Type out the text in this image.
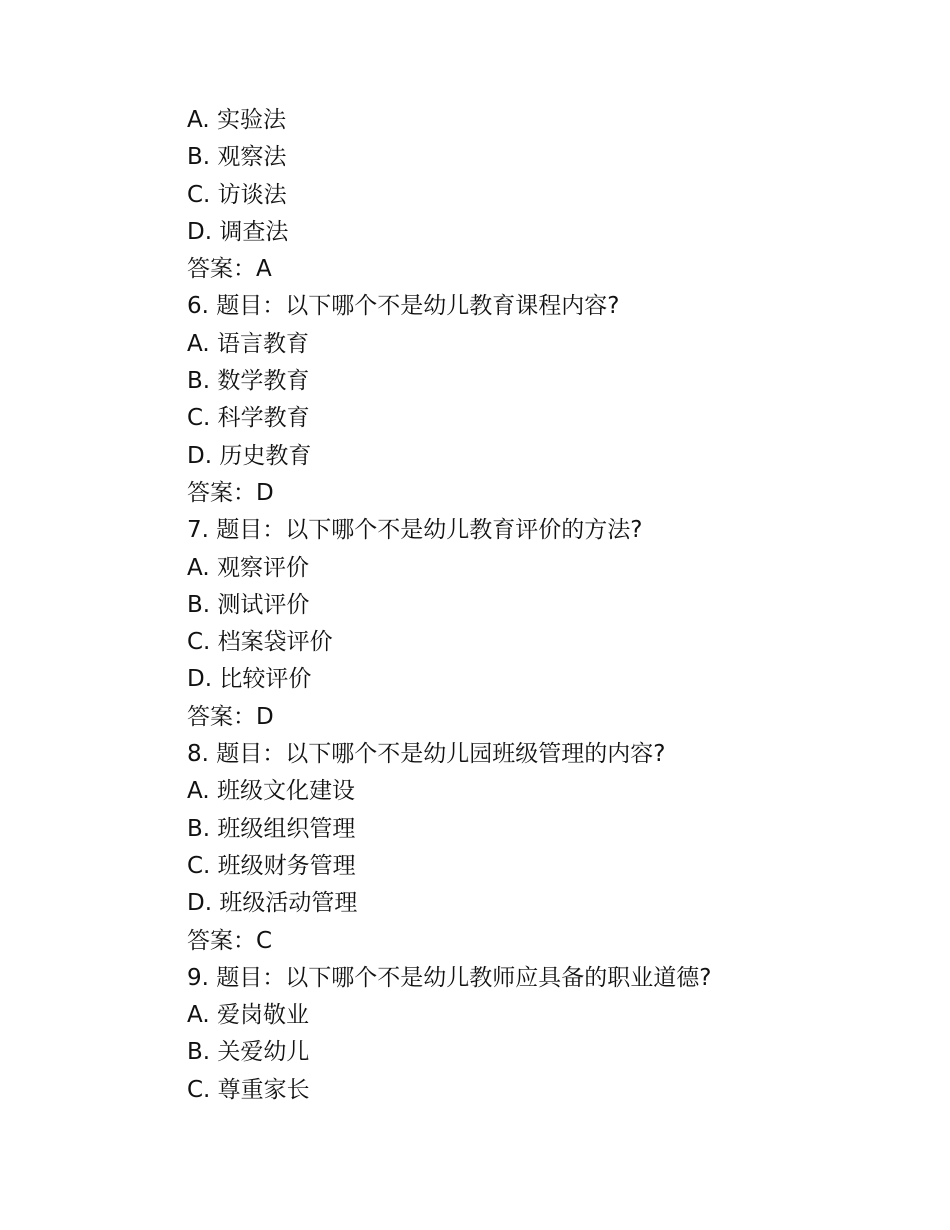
A. 实验法

B. 观察法

C. 访谈法

D. 调查法

答案：A

6. 题目：以下哪个不是幼儿教育课程内容?

A. 语言教育

B. 数学教育

C. 科学教育

D. 历史教育

答案：D

7. 题目：以下哪个不是幼儿教育评价的方法?

A. 观察评价

B. 测试评价

C. 档案袋评价

D. 比较评价

答案：D

8. 题目：以下哪个不是幼儿园班级管理的内容?

A. 班级文化建设

B. 班级组织管理

C. 班级财务管理

D. 班级活动管理

答案：C

9. 题目：以下哪个不是幼儿教师应具备的职业道德?

A. 爱岗敬业

B. 关爱幼儿

C. 尊重家长
